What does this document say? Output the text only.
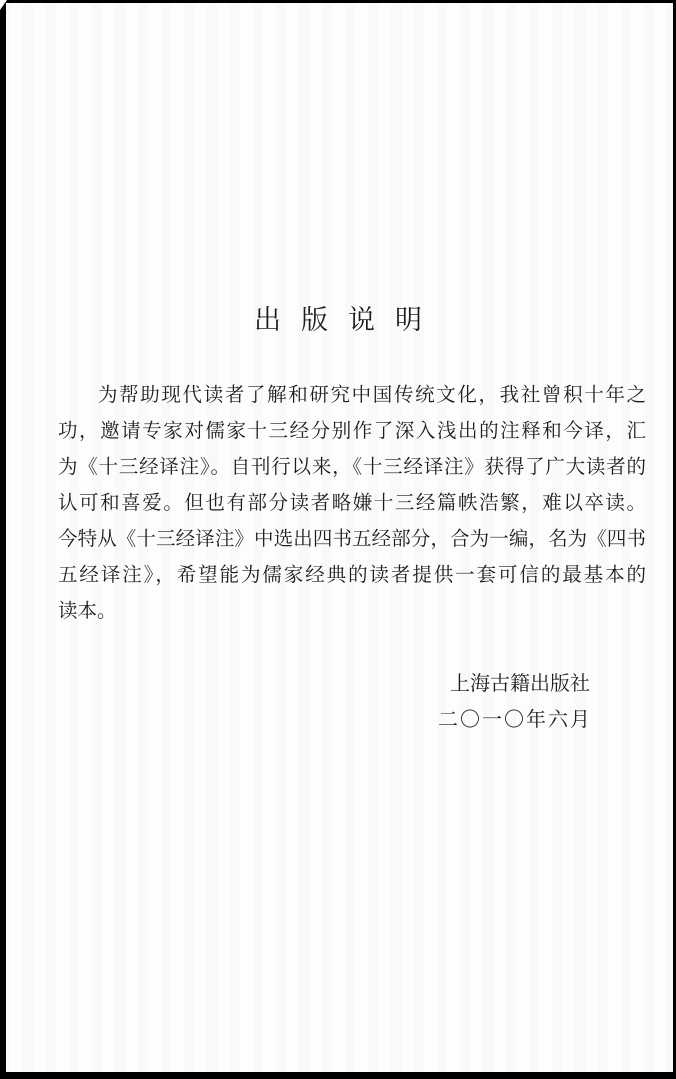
出版说明
为帮助现代读者了解和研究中国传统文化，我社曾积十年之
功，邀请专家对儒家十三经分别作了深入浅出的注释和今译，汇
为《十三经译注》。自刊行以来，《十三经译注》获得了广大读者的
认可和喜爱。但也有部分读者略嫌十三经篇帙浩繁，难以卒读。
今特从《十三经译注》中选出四书五经部分，合为一编，名为《四书
五经译注》，希望能为儒家经典的读者提供一套可信的最基本的
读本。
上海古籍出版社
二〇一〇年六月
